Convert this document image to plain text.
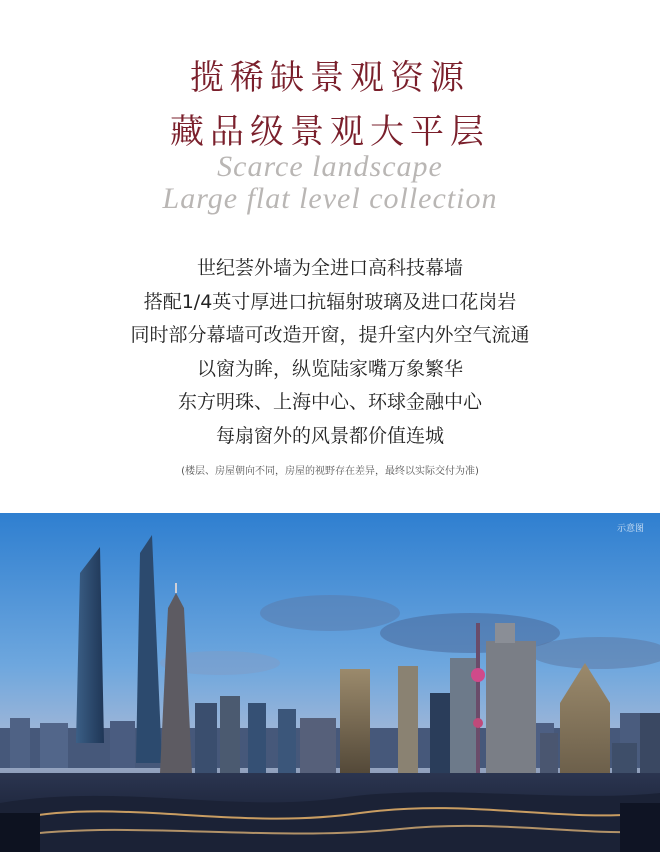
揽稀缺景观资源
藏品级景观大平层
Scarce landscape
Large flat level collection
世纪荟外墙为全进口高科技幕墙
搭配1/4英寸厚进口抗辐射玻璃及进口花岗岩
同时部分幕墙可改造开窗，提升室内外空气流通
以窗为眸，纵览陆家嘴万象繁华
东方明珠、上海中心、环球金融中心
每扇窗外的风景都价值连城
(楼层、房屋朝向不同，房屋的视野存在差异，最终以实际交付为准)
示意图
